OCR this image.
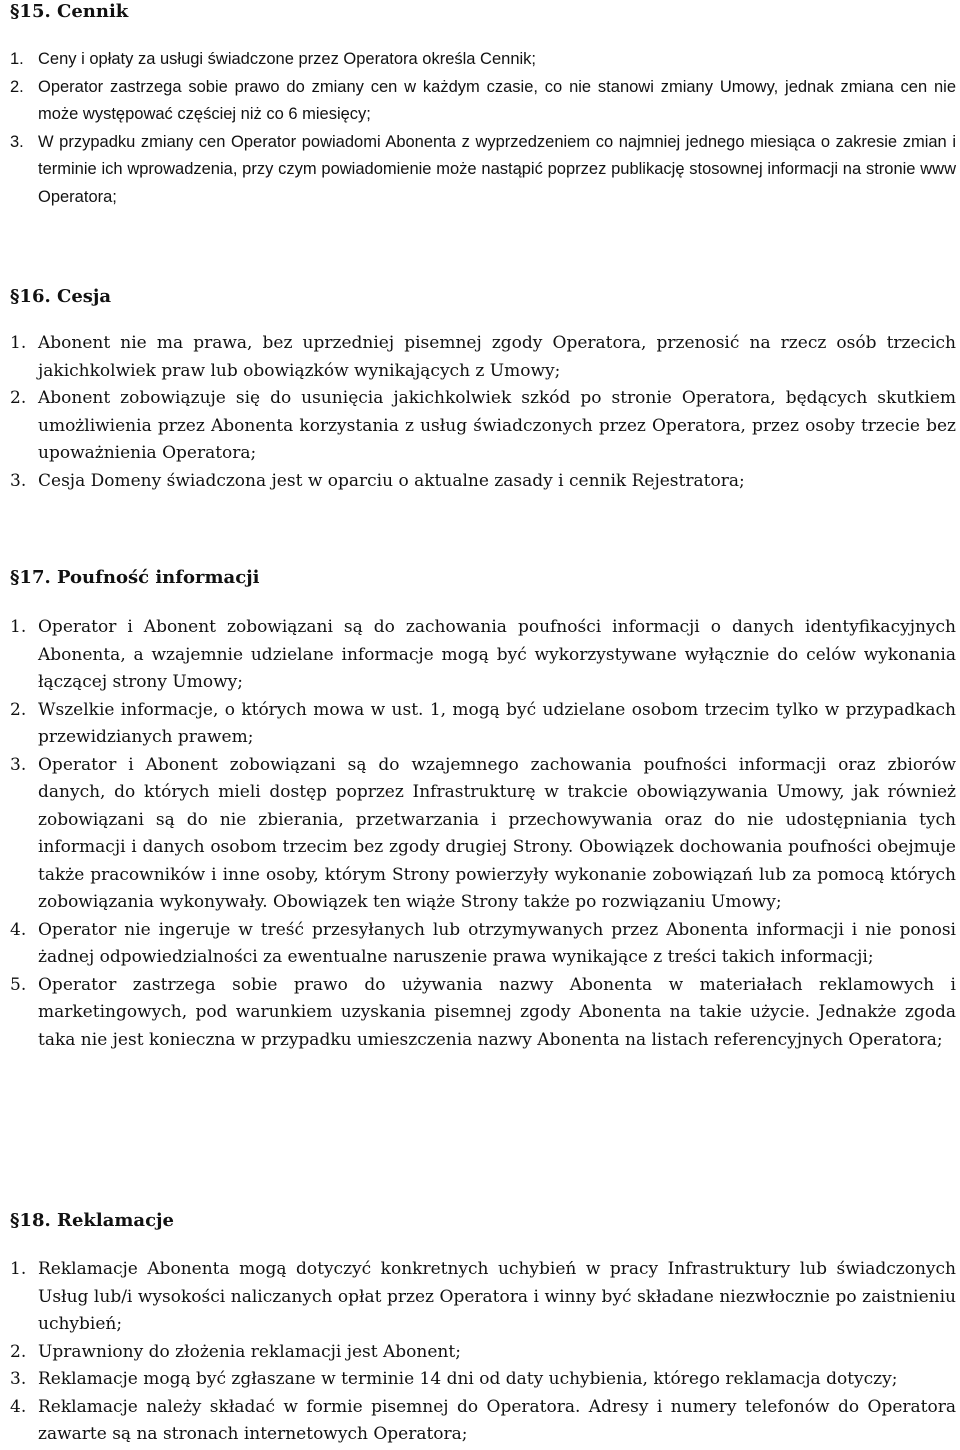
§15. Cennik
1. Ceny i opłaty za usługi świadczone przez Operatora określa Cennik;
2. Operator zastrzega sobie prawo do zmiany cen w każdym czasie, co nie stanowi zmiany Umowy, jednak zmiana cen nie może występować częściej niż co 6 miesięcy;
3. W przypadku zmiany cen Operator powiadomi Abonenta z wyprzedzeniem co najmniej jednego miesiąca o zakresie zmian i terminie ich wprowadzenia, przy czym powiadomienie może nastąpić poprzez publikację stosownej informacji na stronie www Operatora;
§16. Cesja
1. Abonent nie ma prawa, bez uprzedniej pisemnej zgody Operatora, przenosić na rzecz osób trzecich jakichkolwiek praw lub obowiązków wynikających z Umowy;
2. Abonent zobowiązuje się do usunięcia jakichkolwiek szkód po stronie Operatora, będących skutkiem umożliwienia przez Abonenta korzystania z usług świadczonych przez Operatora, przez osoby trzecie bez upoważnienia Operatora;
3. Cesja Domeny świadczona jest w oparciu o aktualne zasady i cennik Rejestratora;
§17. Poufność informacji
1. Operator i Abonent zobowiązani są do zachowania poufności informacji o danych identyfikacyjnych Abonenta, a wzajemnie udzielane informacje mogą być wykorzystywane wyłącznie do celów wykonania łączącej strony Umowy;
2. Wszelkie informacje, o których mowa w ust. 1, mogą być udzielane osobom trzecim tylko w przypadkach przewidzianych prawem;
3. Operator i Abonent zobowiązani są do wzajemnego zachowania poufności informacji oraz zbiorów danych, do których mieli dostęp poprzez Infrastrukturę w trakcie obowiązywania Umowy, jak również zobowiązani są do nie zbierania, przetwarzania i przechowywania oraz do nie udostępniania tych informacji i danych osobom trzecim bez zgody drugiej Strony. Obowiązek dochowania poufności obejmuje także pracowników i inne osoby, którym Strony powierzyły wykonanie zobowiązań lub za pomocą których zobowiązania wykonywały. Obowiązek ten wiąże Strony także po rozwiązaniu Umowy;
4. Operator nie ingeruje w treść przesyłanych lub otrzymywanych przez Abonenta informacji i nie ponosi żadnej odpowiedzialności za ewentualne naruszenie prawa wynikające z treści takich informacji;
5. Operator zastrzega sobie prawo do używania nazwy Abonenta w materiałach reklamowych i marketingowych, pod warunkiem uzyskania pisemnej zgody Abonenta na takie użycie. Jednakże zgoda taka nie jest konieczna w przypadku umieszczenia nazwy Abonenta na listach referencyjnych Operatora;
§18. Reklamacje
1. Reklamacje Abonenta mogą dotyczyć konkretnych uchybień w pracy Infrastruktury lub świadczonych Usług lub/i wysokości naliczanych opłat przez Operatora i winny być składane niezwłocznie po zaistnieniu uchybień;
2. Uprawniony do złożenia reklamacji jest Abonent;
3. Reklamacje mogą być zgłaszane w terminie 14 dni od daty uchybienia, którego reklamacja dotyczy;
4. Reklamacje należy składać w formie pisemnej do Operatora. Adresy i numery telefonów do Operatora zawarte są na stronach internetowych Operatora;
